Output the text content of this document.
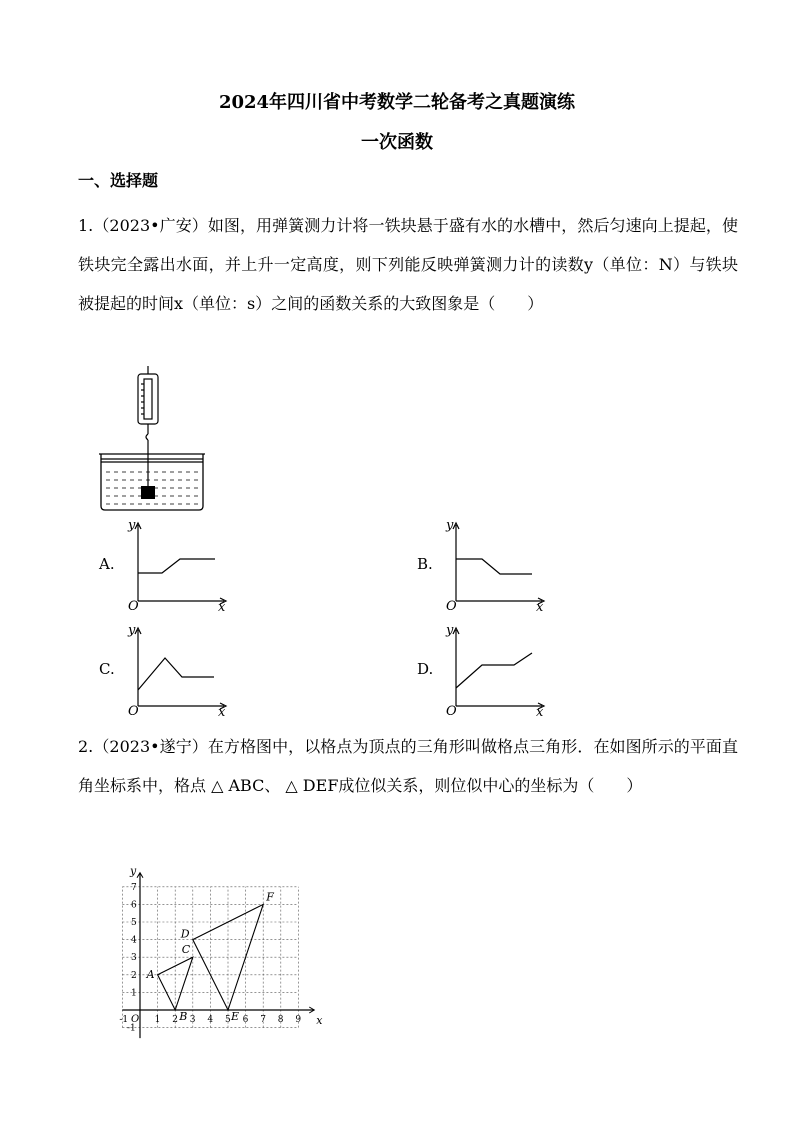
2024年四川省中考数学二轮备考之真题演练
一次函数
一、选择题
1.（2023•广安）如图，用弹簧测力计将一铁块悬于盛有水的水槽中，然后匀速向上提起，使铁块完全露出水面，并上升一定高度，则下列能反映弹簧测力计的读数y（单位：N）与铁块被提起的时间x（单位：s）之间的函数关系的大致图象是（　　）
A.
y
O	x
B.
y
O	x
C.
y
O	x
D.
y
O	x
2.（2023•遂宁）在方格图中，以格点为顶点的三角形叫做格点三角形．在如图所示的平面直角坐标系中，格点 △ ABC、 △ DEF成位似关系，则位似中心的坐标为（　　）
-1 O 1 2 3 4 5 6 7 8 9
-1
1
2
3
4
5
6
7
x
y
A
B
C
D
E
F
